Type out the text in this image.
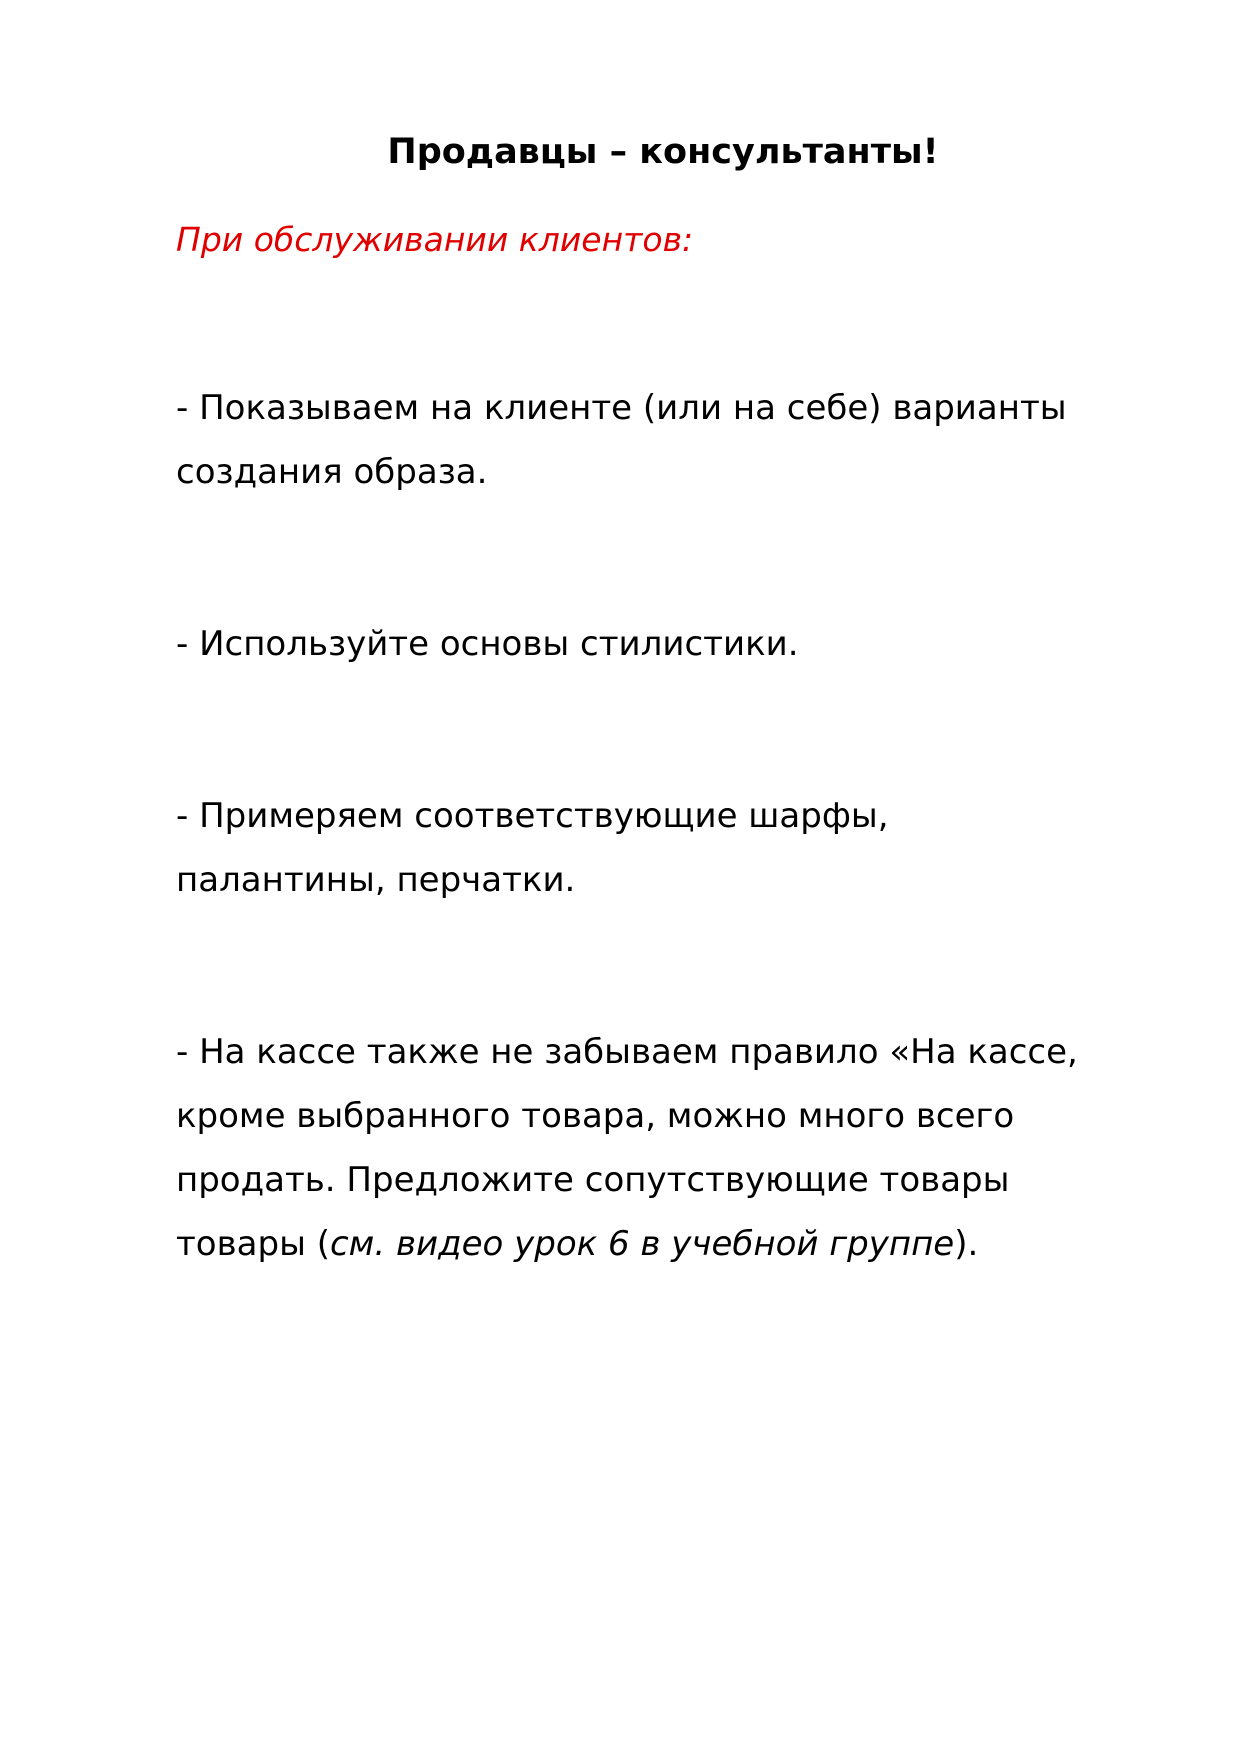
Продавцы – консультанты!

При обслуживании клиентов:

- Показываем на клиенте (или на себе) варианты
создания образа.

- Используйте основы стилистики.

- Примеряем соответствующие шарфы,
палантины, перчатки.

- На кассе также не забываем правило «На кассе,
кроме выбранного товара, можно много всего
продать. Предложите сопутствующие товары
товары (см. видео урок 6 в учебной группе).
